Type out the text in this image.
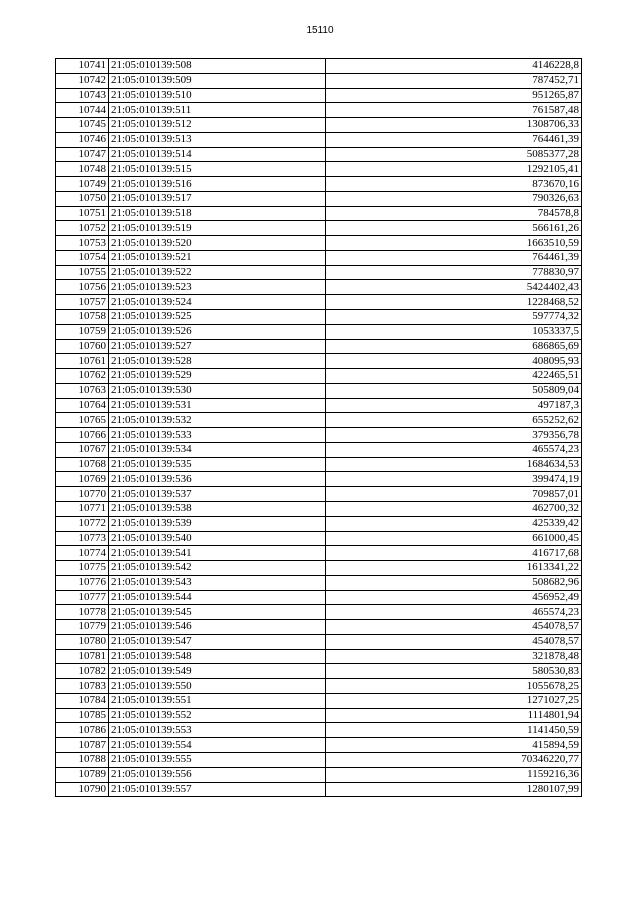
15110
10741	21:05:010139:508	4146228,8
10742	21:05:010139:509	787452,71
10743	21:05:010139:510	951265,87
10744	21:05:010139:511	761587,48
10745	21:05:010139:512	1308706,33
10746	21:05:010139:513	764461,39
10747	21:05:010139:514	5085377,28
10748	21:05:010139:515	1292105,41
10749	21:05:010139:516	873670,16
10750	21:05:010139:517	790326,63
10751	21:05:010139:518	784578,8
10752	21:05:010139:519	566161,26
10753	21:05:010139:520	1663510,59
10754	21:05:010139:521	764461,39
10755	21:05:010139:522	778830,97
10756	21:05:010139:523	5424402,43
10757	21:05:010139:524	1228468,52
10758	21:05:010139:525	597774,32
10759	21:05:010139:526	1053337,5
10760	21:05:010139:527	686865,69
10761	21:05:010139:528	408095,93
10762	21:05:010139:529	422465,51
10763	21:05:010139:530	505809,04
10764	21:05:010139:531	497187,3
10765	21:05:010139:532	655252,62
10766	21:05:010139:533	379356,78
10767	21:05:010139:534	465574,23
10768	21:05:010139:535	1684634,53
10769	21:05:010139:536	399474,19
10770	21:05:010139:537	709857,01
10771	21:05:010139:538	462700,32
10772	21:05:010139:539	425339,42
10773	21:05:010139:540	661000,45
10774	21:05:010139:541	416717,68
10775	21:05:010139:542	1613341,22
10776	21:05:010139:543	508682,96
10777	21:05:010139:544	456952,49
10778	21:05:010139:545	465574,23
10779	21:05:010139:546	454078,57
10780	21:05:010139:547	454078,57
10781	21:05:010139:548	321878,48
10782	21:05:010139:549	580530,83
10783	21:05:010139:550	1055678,25
10784	21:05:010139:551	1271027,25
10785	21:05:010139:552	1114801,94
10786	21:05:010139:553	1141450,59
10787	21:05:010139:554	415894,59
10788	21:05:010139:555	70346220,77
10789	21:05:010139:556	1159216,36
10790	21:05:010139:557	1280107,99
